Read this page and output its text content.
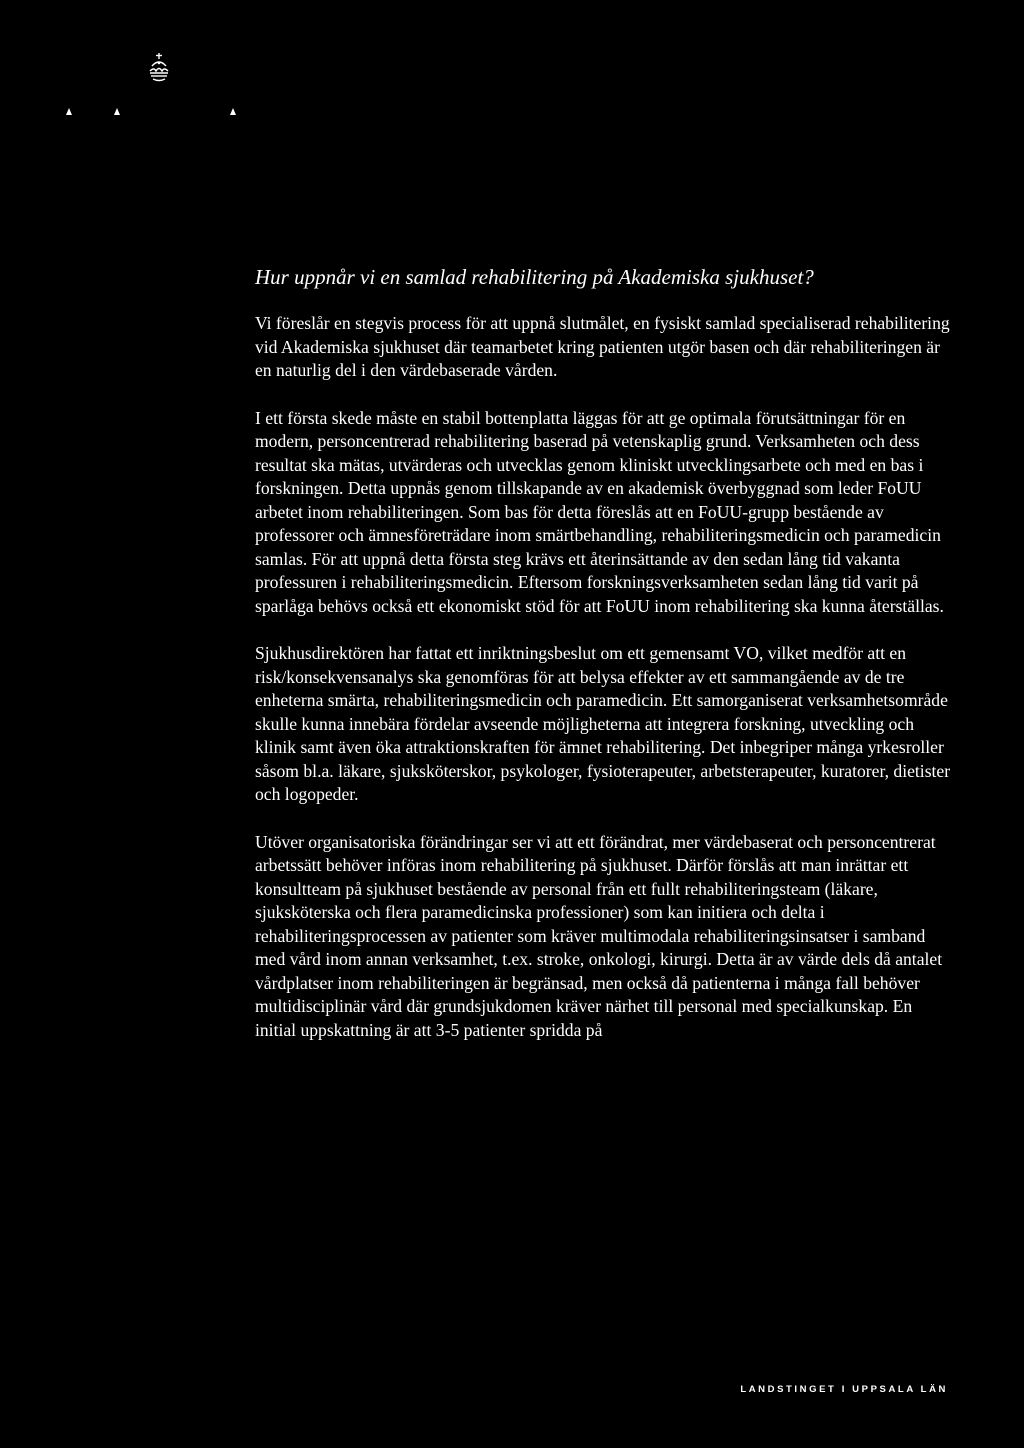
Hur uppnår vi en samlad rehabilitering på Akademiska sjukhuset?

Vi föreslår en stegvis process för att uppnå slutmålet, en fysiskt samlad specialiserad rehabilitering vid Akademiska sjukhuset där teamarbetet kring patienten utgör basen och där rehabiliteringen är en naturlig del i den värdebaserade vården.

I ett första skede måste en stabil bottenplatta läggas för att ge optimala förutsättningar för en modern, personcentrerad rehabilitering baserad på vetenskaplig grund. Verksamheten och dess resultat ska mätas, utvärderas och utvecklas genom kliniskt utvecklingsarbete och med en bas i forskningen. Detta uppnås genom tillskapande av en akademisk överbyggnad som leder FoUU arbetet inom rehabiliteringen. Som bas för detta föreslås att en FoUU-grupp bestående av professorer och ämnesföreträdare inom smärtbehandling, rehabiliteringsmedicin och paramedicin samlas. För att uppnå detta första steg krävs ett återinsättande av den sedan lång tid vakanta professuren i rehabiliteringsmedicin. Eftersom forskningsverksamheten sedan lång tid varit på sparlåga behövs också ett ekonomiskt stöd för att FoUU inom rehabilitering ska kunna återställas.

Sjukhusdirektören har fattat ett inriktningsbeslut om ett gemensamt VO, vilket medför att en risk/konsekvensanalys ska genomföras för att belysa effekter av ett sammangående av de tre enheterna smärta, rehabiliteringsmedicin och paramedicin. Ett samorganiserat verksamhetsområde skulle kunna innebära fördelar avseende möjligheterna att integrera forskning, utveckling och klinik samt även öka attraktionskraften för ämnet rehabilitering. Det inbegriper många yrkesroller såsom bl.a. läkare, sjuksköterskor, psykologer, fysioterapeuter, arbetsterapeuter, kuratorer, dietister och logopeder.

Utöver organisatoriska förändringar ser vi att ett förändrat, mer värdebaserat och personcentrerat arbetssätt behöver införas inom rehabilitering på sjukhuset. Därför förslås att man inrättar ett konsultteam på sjukhuset bestående av personal från ett fullt rehabiliteringsteam (läkare, sjuksköterska och flera paramedicinska professioner) som kan initiera och delta i rehabiliteringsprocessen av patienter som kräver multimodala rehabiliteringsinsatser i samband med vård inom annan verksamhet, t.ex. stroke, onkologi, kirurgi. Detta är av värde dels då antalet vårdplatser inom rehabiliteringen är begränsad, men också då patienterna i många fall behöver multidisciplinär vård där grundsjukdomen kräver närhet till personal med specialkunskap. En initial uppskattning är att 3-5 patienter spridda på

LANDSTINGET I UPPSALA LÄN
